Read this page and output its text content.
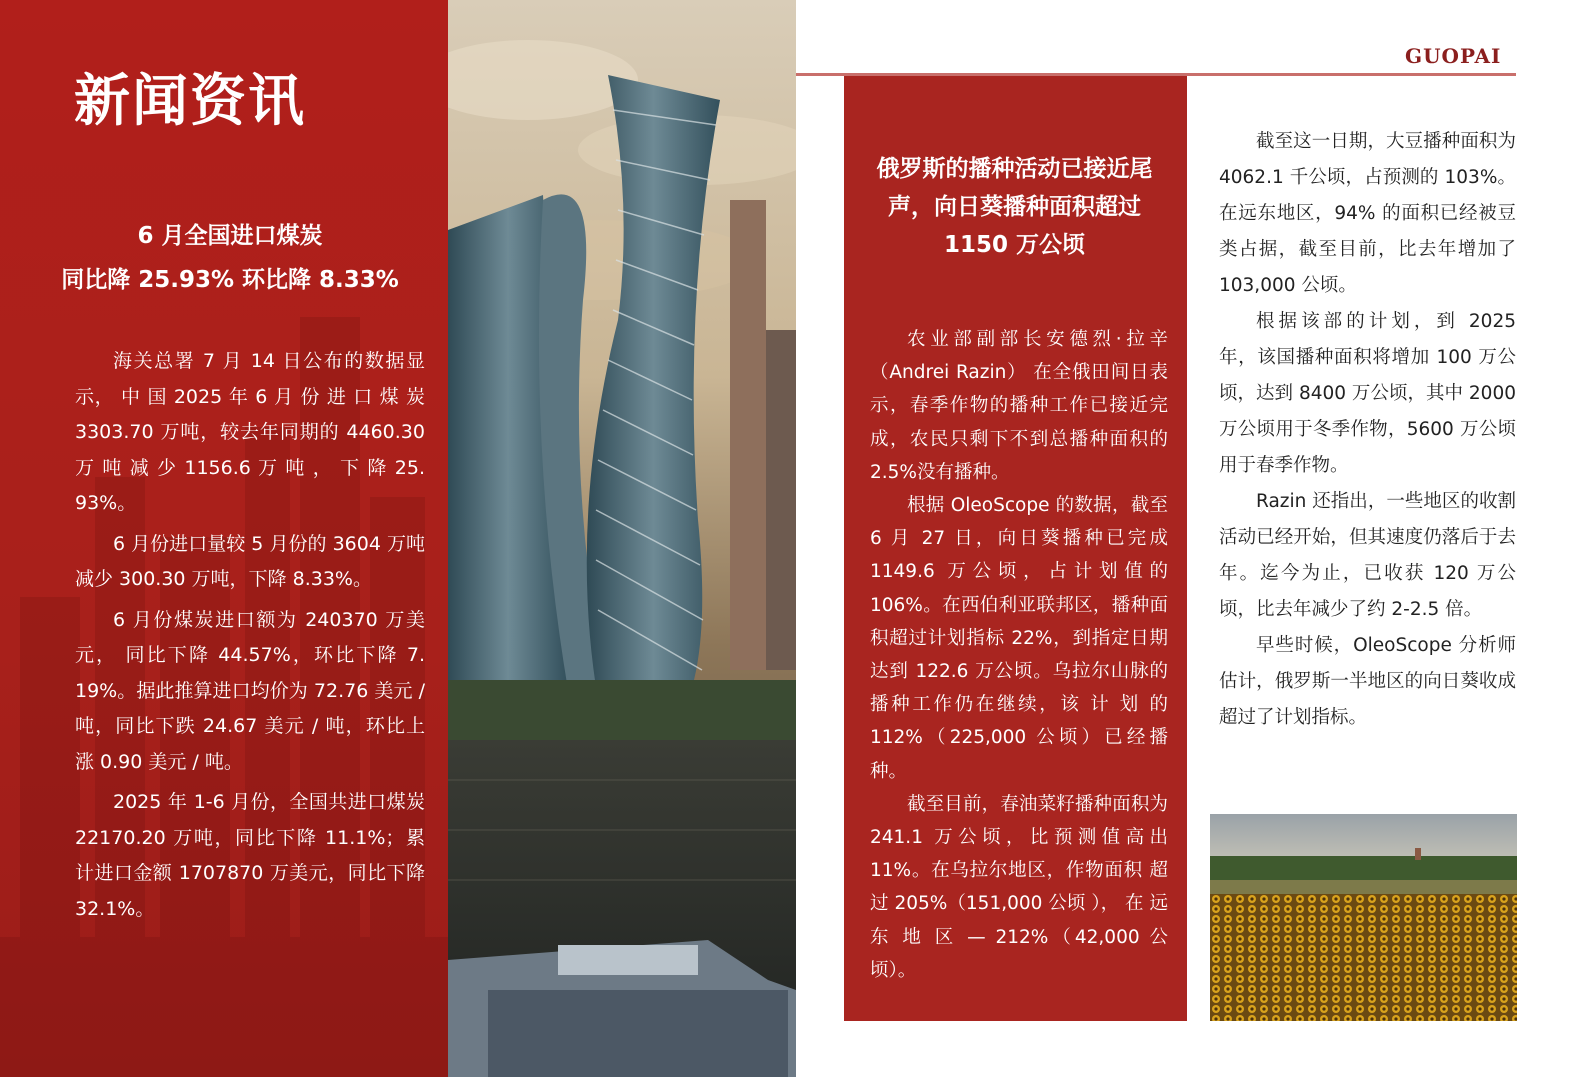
新闻资讯
6 月全国进口煤炭
同比降 25.93% 环比降 8.33%

海关总署 7 月 14 日公布的数据显示， 中 国 2025 年 6 月 份 进 口 煤 炭 3303.70 万吨，较去年同期的 4460.30 万 吨 减 少 1156.6 万 吨 ， 下 降 25. 93%。

6 月份进口量较 5 月份的 3604 万吨减少 300.30 万吨，下降 8.33%。

6 月份煤炭进口额为 240370 万美元， 同比下降 44.57%，环比下降 7. 19%。据此推算进口均价为 72.76 美元 / 吨，同比下跌 24.67 美元 / 吨，环比上涨 0.90 美元 / 吨。

2025 年 1-6 月份，全国共进口煤炭 22170.20 万吨，同比下降 11.1%；累计进口金额 1707870 万美元，同比下降 32.1%。

GUOPAI
俄罗斯的播种活动已接近尾
声，向日葵播种面积超过
1150 万公顷

农业部副部长安德烈·拉辛（Andrei Razin） 在全俄田间日表示，春季作物的播种工作已接近完成，农民只剩下不到总播种面积的 2.5%没有播种。

根据 OleoScope 的数据，截至 6 月 27 日，向日葵播种已完成 1149.6 万公顷，占计划值的 106%。在西伯利亚联邦区，播种面积超过计划指标 22%，到指定日期达到 122.6 万公顷。乌拉尔山脉的播种工作仍在继续，该 计 划 的 112%（225,000 公顷）已经播种。

截至目前，春油菜籽播种面积为 241.1 万公顷，比预测值高出 11%。在乌拉尔地区，作物面积 超 过 205%（151,000 公顷 ）， 在 远 东 地 区 — 212%（42,000 公顷）。

截至这一日期，大豆播种面积为 4062.1 千公顷，占预测的 103%。在远东地区，94% 的面积已经被豆类占据，截至目前，比去年增加了 103,000 公顷。

根据该部的计划，到 2025 年，该国播种面积将增加 100 万公顷，达到 8400 万公顷，其中 2000 万公顷用于冬季作物，5600 万公顷用于春季作物。

Razin 还指出，一些地区的收割活动已经开始，但其速度仍落后于去年。迄今为止，已收获 120 万公顷，比去年减少了约 2-2.5 倍。

早些时候，OleoScope 分析师估计，俄罗斯一半地区的向日葵收成超过了计划指标。
